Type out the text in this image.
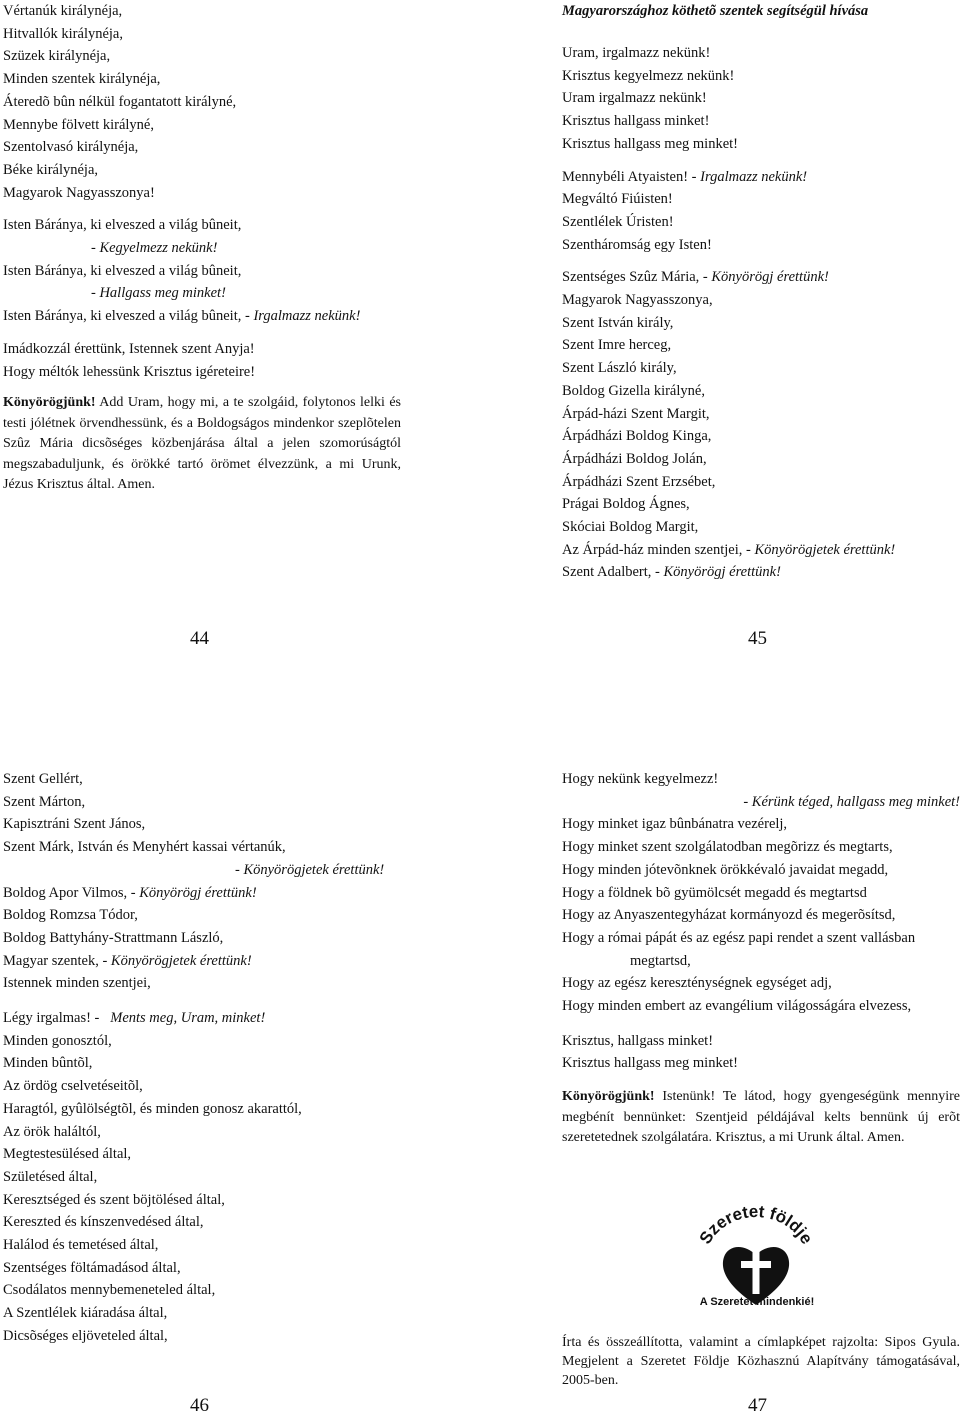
Vértanúk királynéja,
Hitvallók királynéja,
Szüzek királynéja,
Minden szentek királynéja,
Áteredõ bûn nélkül fogantatott királyné,
Mennybe fölvett királyné,
Szentolvasó királynéja,
Béke királynéja,
Magyarok Nagyasszonya!
Isten Báránya, ki elveszed a világ bûneit,
- Kegyelmezz nekünk!
Isten Báránya, ki elveszed a világ bûneit,
- Hallgass meg minket!
Isten Báránya, ki elveszed a világ bûneit, - Irgalmazz nekünk!
Imádkozzál érettünk, Istennek szent Anyja!
Hogy méltók lehessünk Krisztus igéreteire!
Könyörögjünk! Add Uram, hogy mi, a te szolgáid, folytonos lelki és testi jólétnek örvendhessünk, és a Boldogságos mindenkor szeplõtelen Szûz Mária dicsõséges közbenjárása által a jelen szomorúságtól megszabaduljunk, és örökké tartó örömet élvezzünk, a mi Urunk, Jézus Krisztus által. Amen.
44
Magyarországhoz köthetõ szentek segítségül hívása
Uram, irgalmazz nekünk!
Krisztus kegyelmezz nekünk!
Uram irgalmazz nekünk!
Krisztus hallgass minket!
Krisztus hallgass meg minket!
Mennybéli Atyaisten! - Irgalmazz nekünk!
Megváltó Fiúisten!
Szentlélek Úristen!
Szentháromság egy Isten!
Szentséges Szûz Mária, - Könyörögj érettünk!
Magyarok Nagyasszonya,
Szent István király,
Szent Imre herceg,
Szent László király,
Boldog Gizella királyné,
Árpád-házi Szent Margit,
Árpádházi Boldog Kinga,
Árpádházi Boldog Jolán,
Árpádházi Szent Erzsébet,
Prágai Boldog Ágnes,
Skóciai Boldog Margit,
Az Árpád-ház minden szentjei, - Könyörögjetek érettünk!
Szent Adalbert, - Könyörögj érettünk!
45
Szent Gellért,
Szent Márton,
Kapisztráni Szent János,
Szent Márk, István és Menyhért kassai vértanúk,
- Könyörögjetek érettünk!
Boldog Apor Vilmos, - Könyörögj érettünk!
Boldog Romzsa Tódor,
Boldog Battyhány-Strattmann László,
Magyar szentek, - Könyörögjetek érettünk!
Istennek minden szentjei,
Légy irgalmas! - Ments meg, Uram, minket!
Minden gonosztól,
Minden bûntõl,
Az ördög cselvetéseitõl,
Haragtól, gyûlölségtõl, és minden gonosz akarattól,
Az örök haláltól,
Megtestesülésed által,
Születésed által,
Keresztséged és szent böjtölésed által,
Kereszted és kínszenvedésed által,
Halálod és temetésed által,
Szentséges föltámadásod által,
Csodálatos mennybemeneteled által,
A Szentlélek kiáradása által,
Dicsõséges eljöveteled által,
46
Hogy nekünk kegyelmezz!
- Kérünk téged, hallgass meg minket!
Hogy minket igaz bûnbánatra vezérelj,
Hogy minket szent szolgálatodban megõrizz és megtarts,
Hogy minden jótevõnknek örökkévaló javaidat megadd,
Hogy a földnek bõ gyümölcsét megadd és megtartsd
Hogy az Anyaszentegyházat kormányozd és megerõsítsd,
Hogy a római pápát és az egész papi rendet a szent vallásban
megtartsd,
Hogy az egész kereszténységnek egységet adj,
Hogy minden embert az evangélium világosságára elvezess,
Krisztus, hallgass minket!
Krisztus hallgass meg minket!
Könyörögjünk! Istenünk! Te látod, hogy gyengeségünk mennyire megbénít bennünket: Szentjeid példájával kelts bennünk új erõt szeretetednek szolgálatára. Krisztus, a mi Urunk által. Amen.
Szeretet földje
A Szeretet mindenkié!
Írta és összeállította, valamint a címlapképet rajzolta: Sipos Gyula. Megjelent a Szeretet Földje Közhasznú Alapítvány támogatásával, 2005-ben.
47
